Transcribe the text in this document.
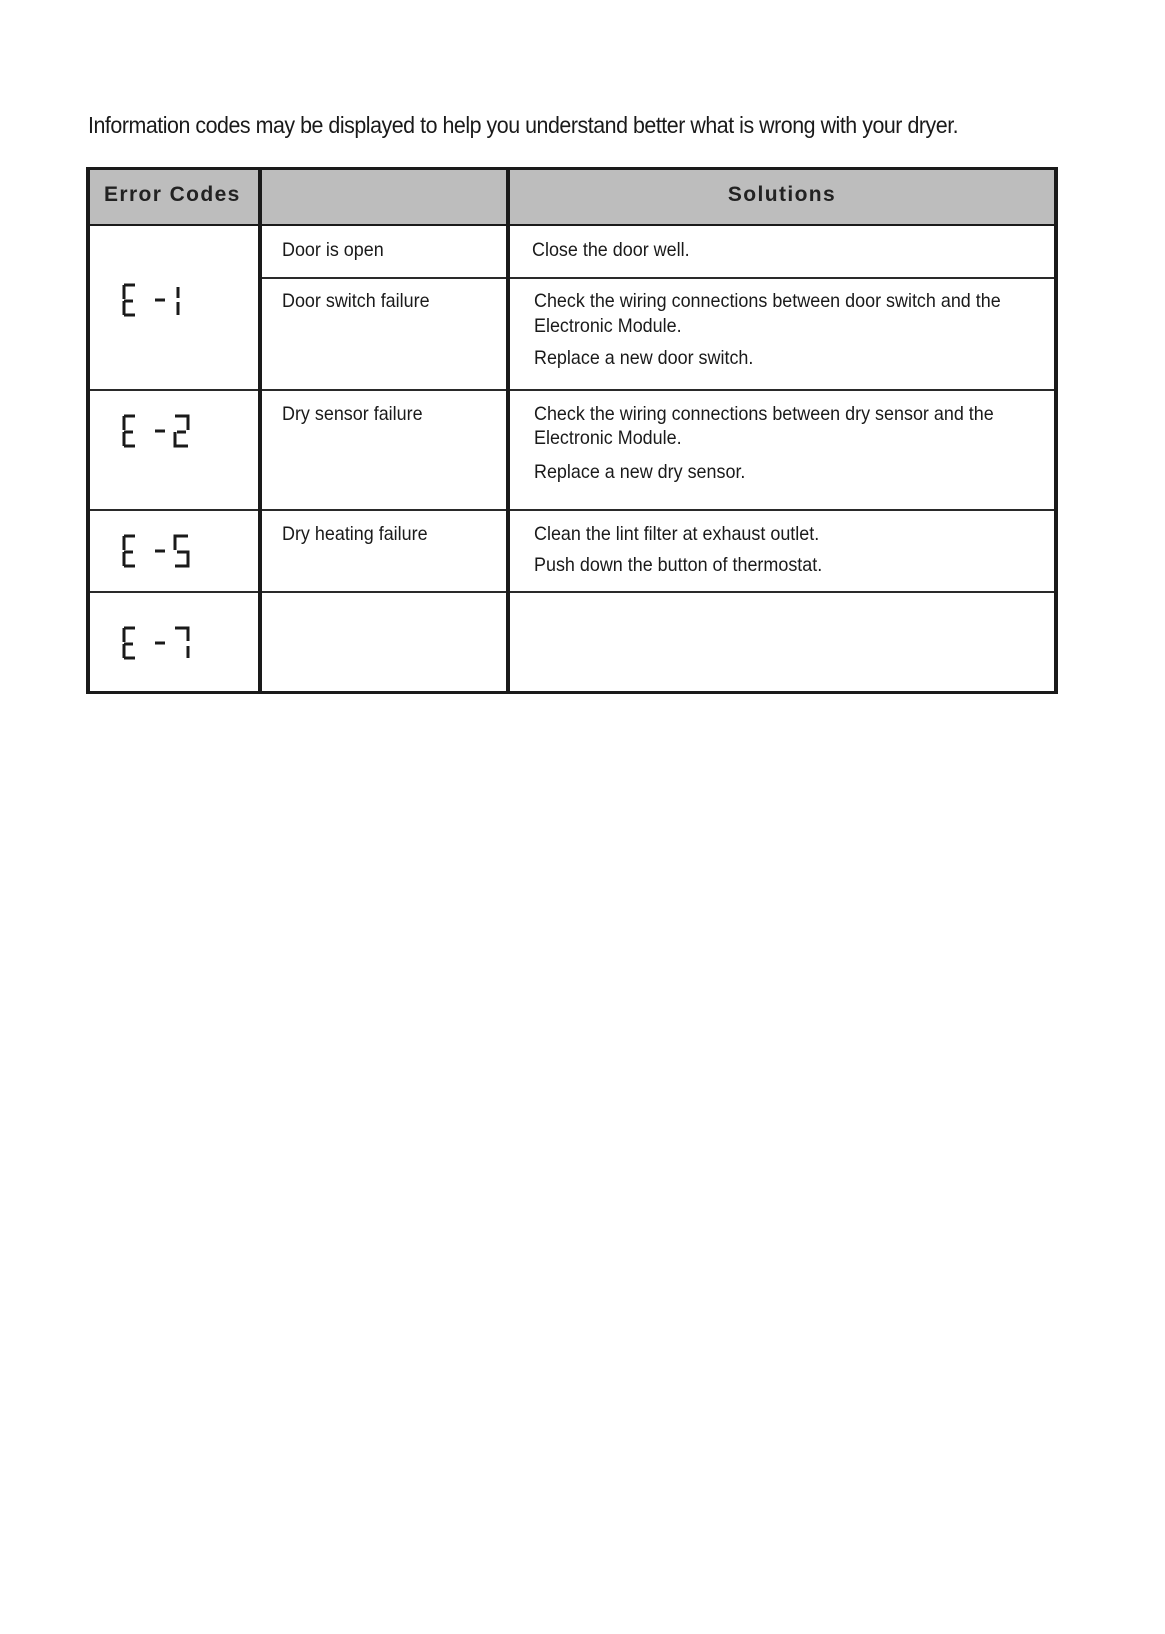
Information codes may be displayed to help you understand better what is wrong with your dryer.
Error Codes	Solutions
Door is open	Close the door well.
Door switch failure	Check the wiring connections between door switch and the
Electronic Module.
Replace a new door switch.
Dry sensor failure	Check the wiring connections between dry sensor and the
Electronic Module.
Replace a new dry sensor.
Dry heating failure	Clean the lint filter at exhaust outlet.
Push down the button of thermostat.
